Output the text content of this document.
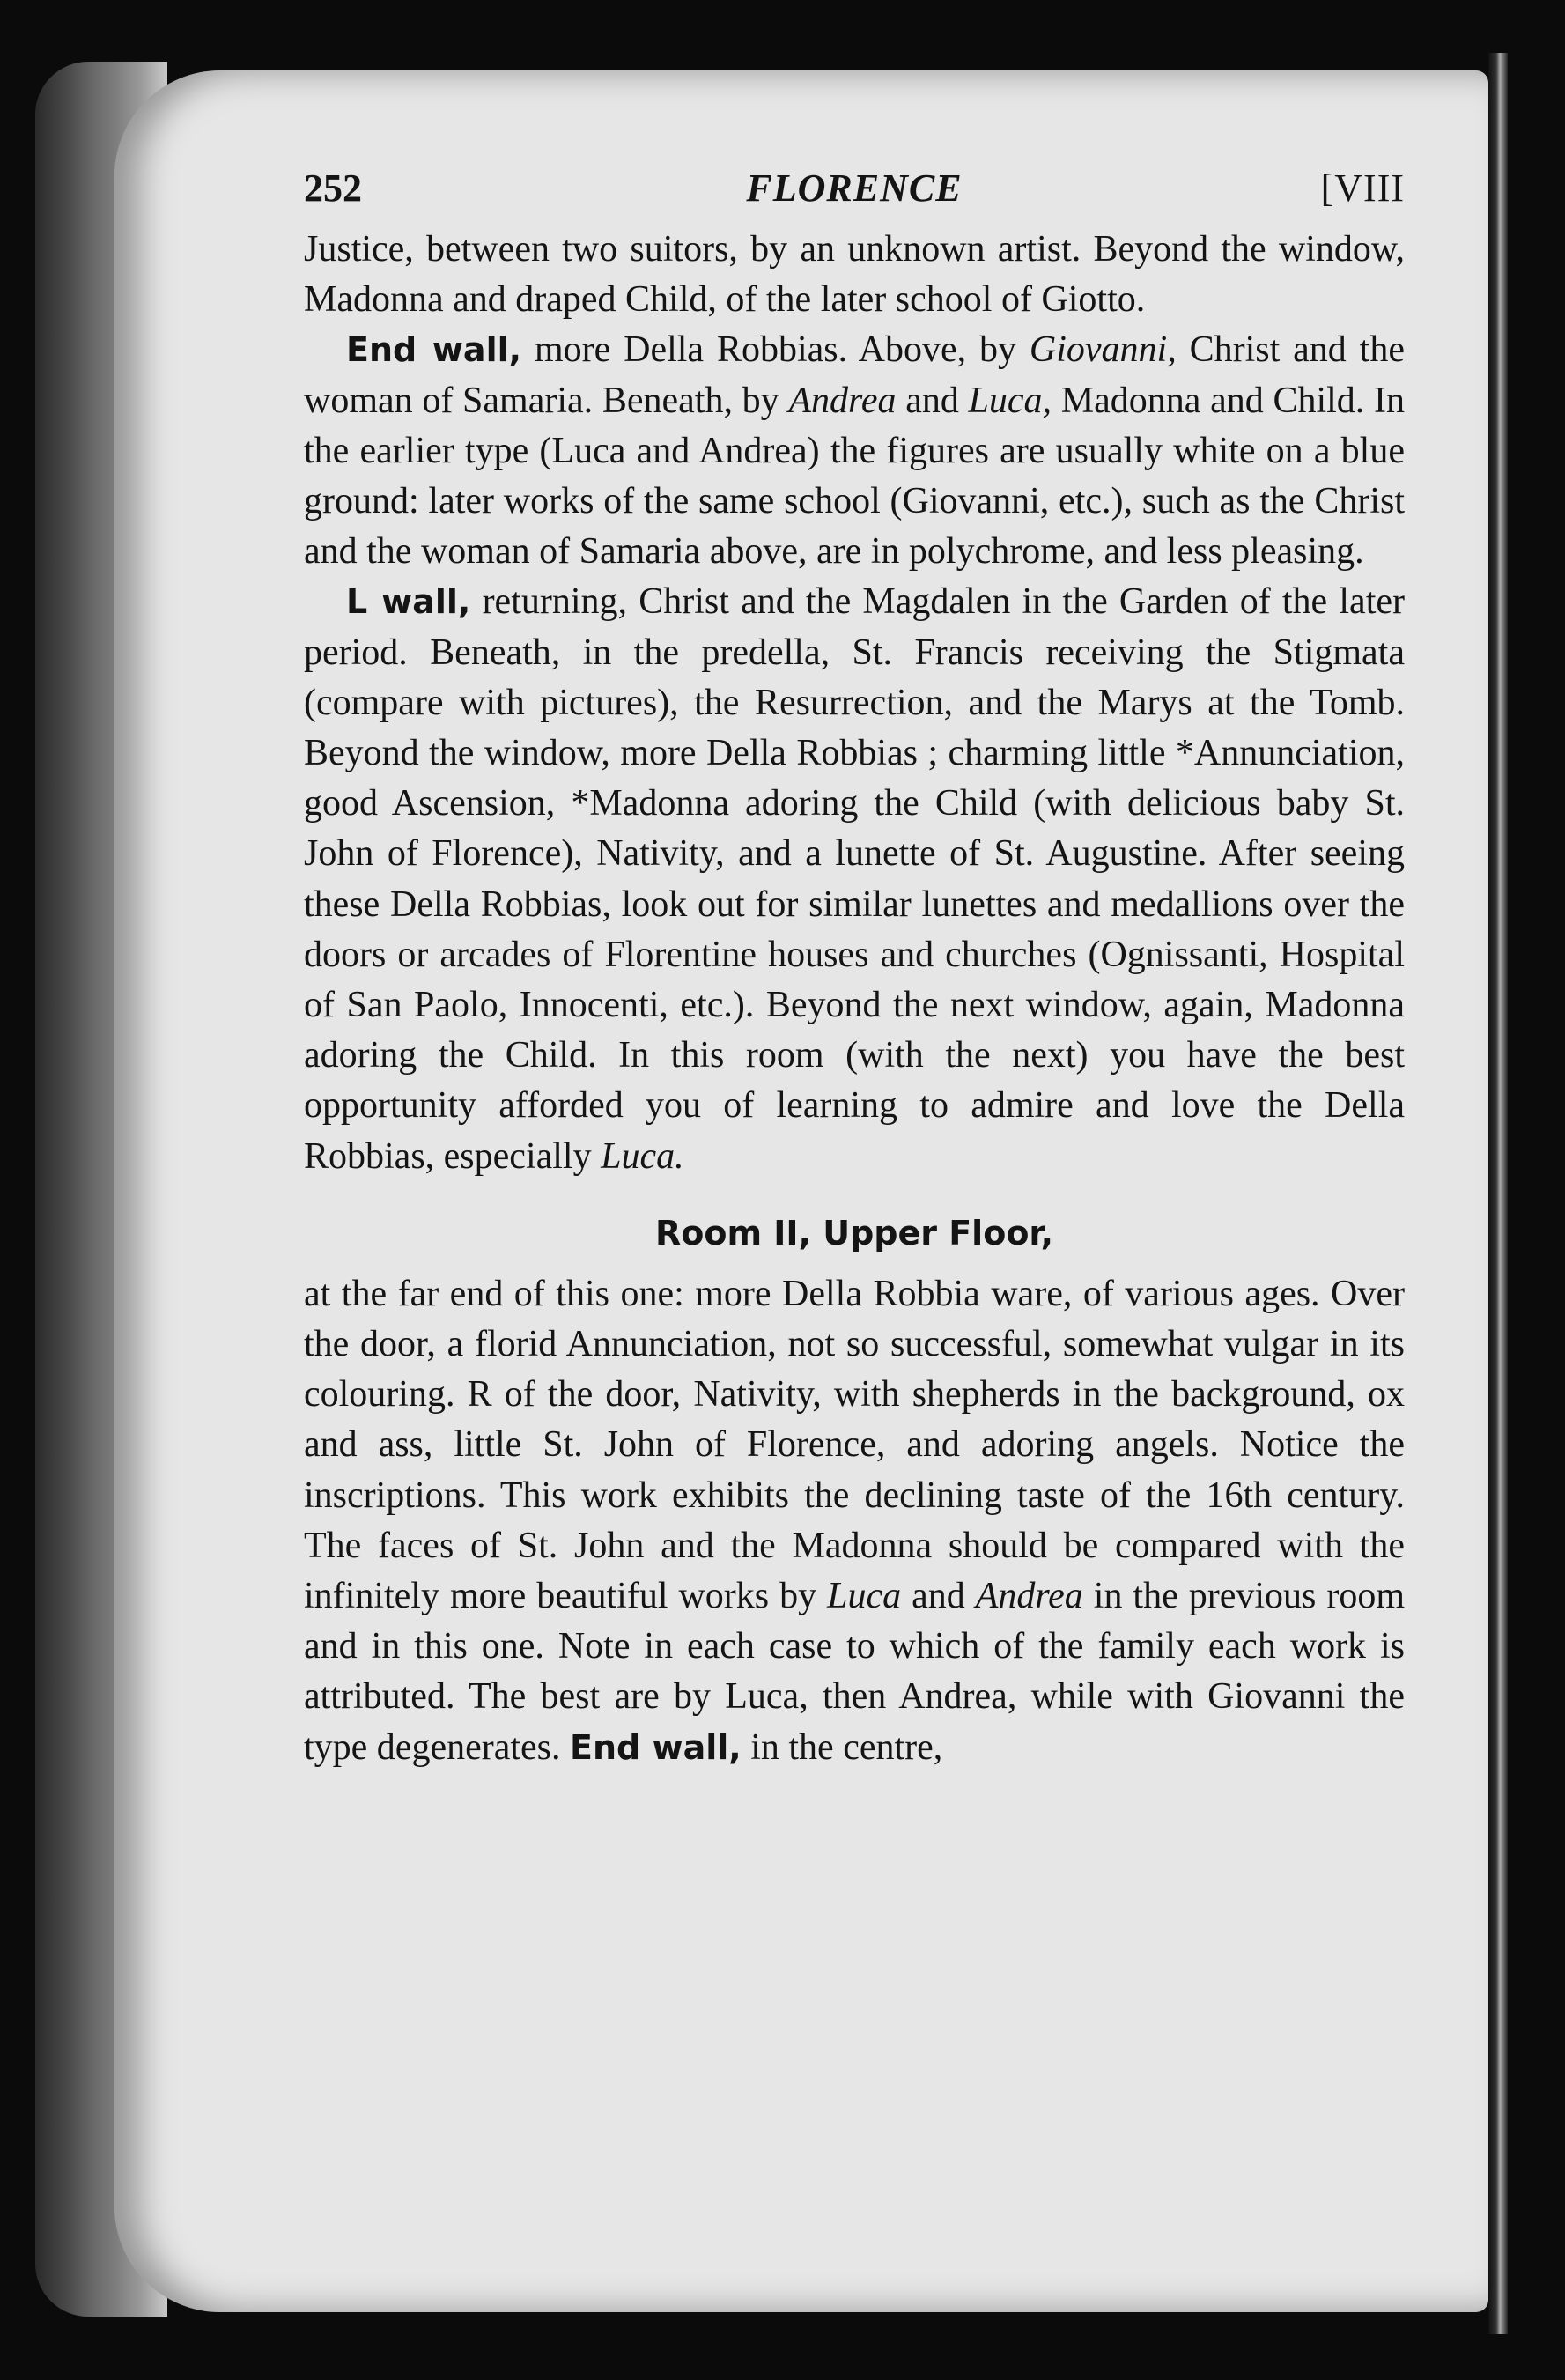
252	FLORENCE	[VIII

Justice, between two suitors, by an unknown artist. Beyond the window, Madonna and draped Child, of the later school of Giotto.

End wall, more Della Robbias. Above, by Giovanni, Christ and the woman of Samaria. Beneath, by Andrea and Luca, Madonna and Child. In the earlier type (Luca and Andrea) the figures are usually white on a blue ground: later works of the same school (Giovanni, etc.), such as the Christ and the woman of Samaria above, are in polychrome, and less pleasing.

L wall, returning, Christ and the Magdalen in the Garden of the later period. Beneath, in the predella, St. Francis receiving the Stigmata (compare with pictures), the Resurrection, and the Marys at the Tomb. Beyond the window, more Della Robbias ; charming little *Annunciation, good Ascension, *Madonna adoring the Child (with delicious baby St. John of Florence), Nativity, and a lunette of St. Augustine. After seeing these Della Robbias, look out for similar lunettes and medallions over the doors or arcades of Florentine houses and churches (Ognissanti, Hospital of San Paolo, Innocenti, etc.). Beyond the next window, again, Madonna adoring the Child. In this room (with the next) you have the best opportunity afforded you of learning to admire and love the Della Robbias, especially Luca.

Room II, Upper Floor,

at the far end of this one: more Della Robbia ware, of various ages. Over the door, a florid Annunciation, not so successful, somewhat vulgar in its colouring. R of the door, Nativity, with shepherds in the background, ox and ass, little St. John of Florence, and adoring angels. Notice the inscriptions. This work exhibits the declining taste of the 16th century. The faces of St. John and the Madonna should be compared with the infinitely more beautiful works by Luca and Andrea in the previous room and in this one. Note in each case to which of the family each work is attributed. The best are by Luca, then Andrea, while with Giovanni the type degenerates. End wall, in the centre,
